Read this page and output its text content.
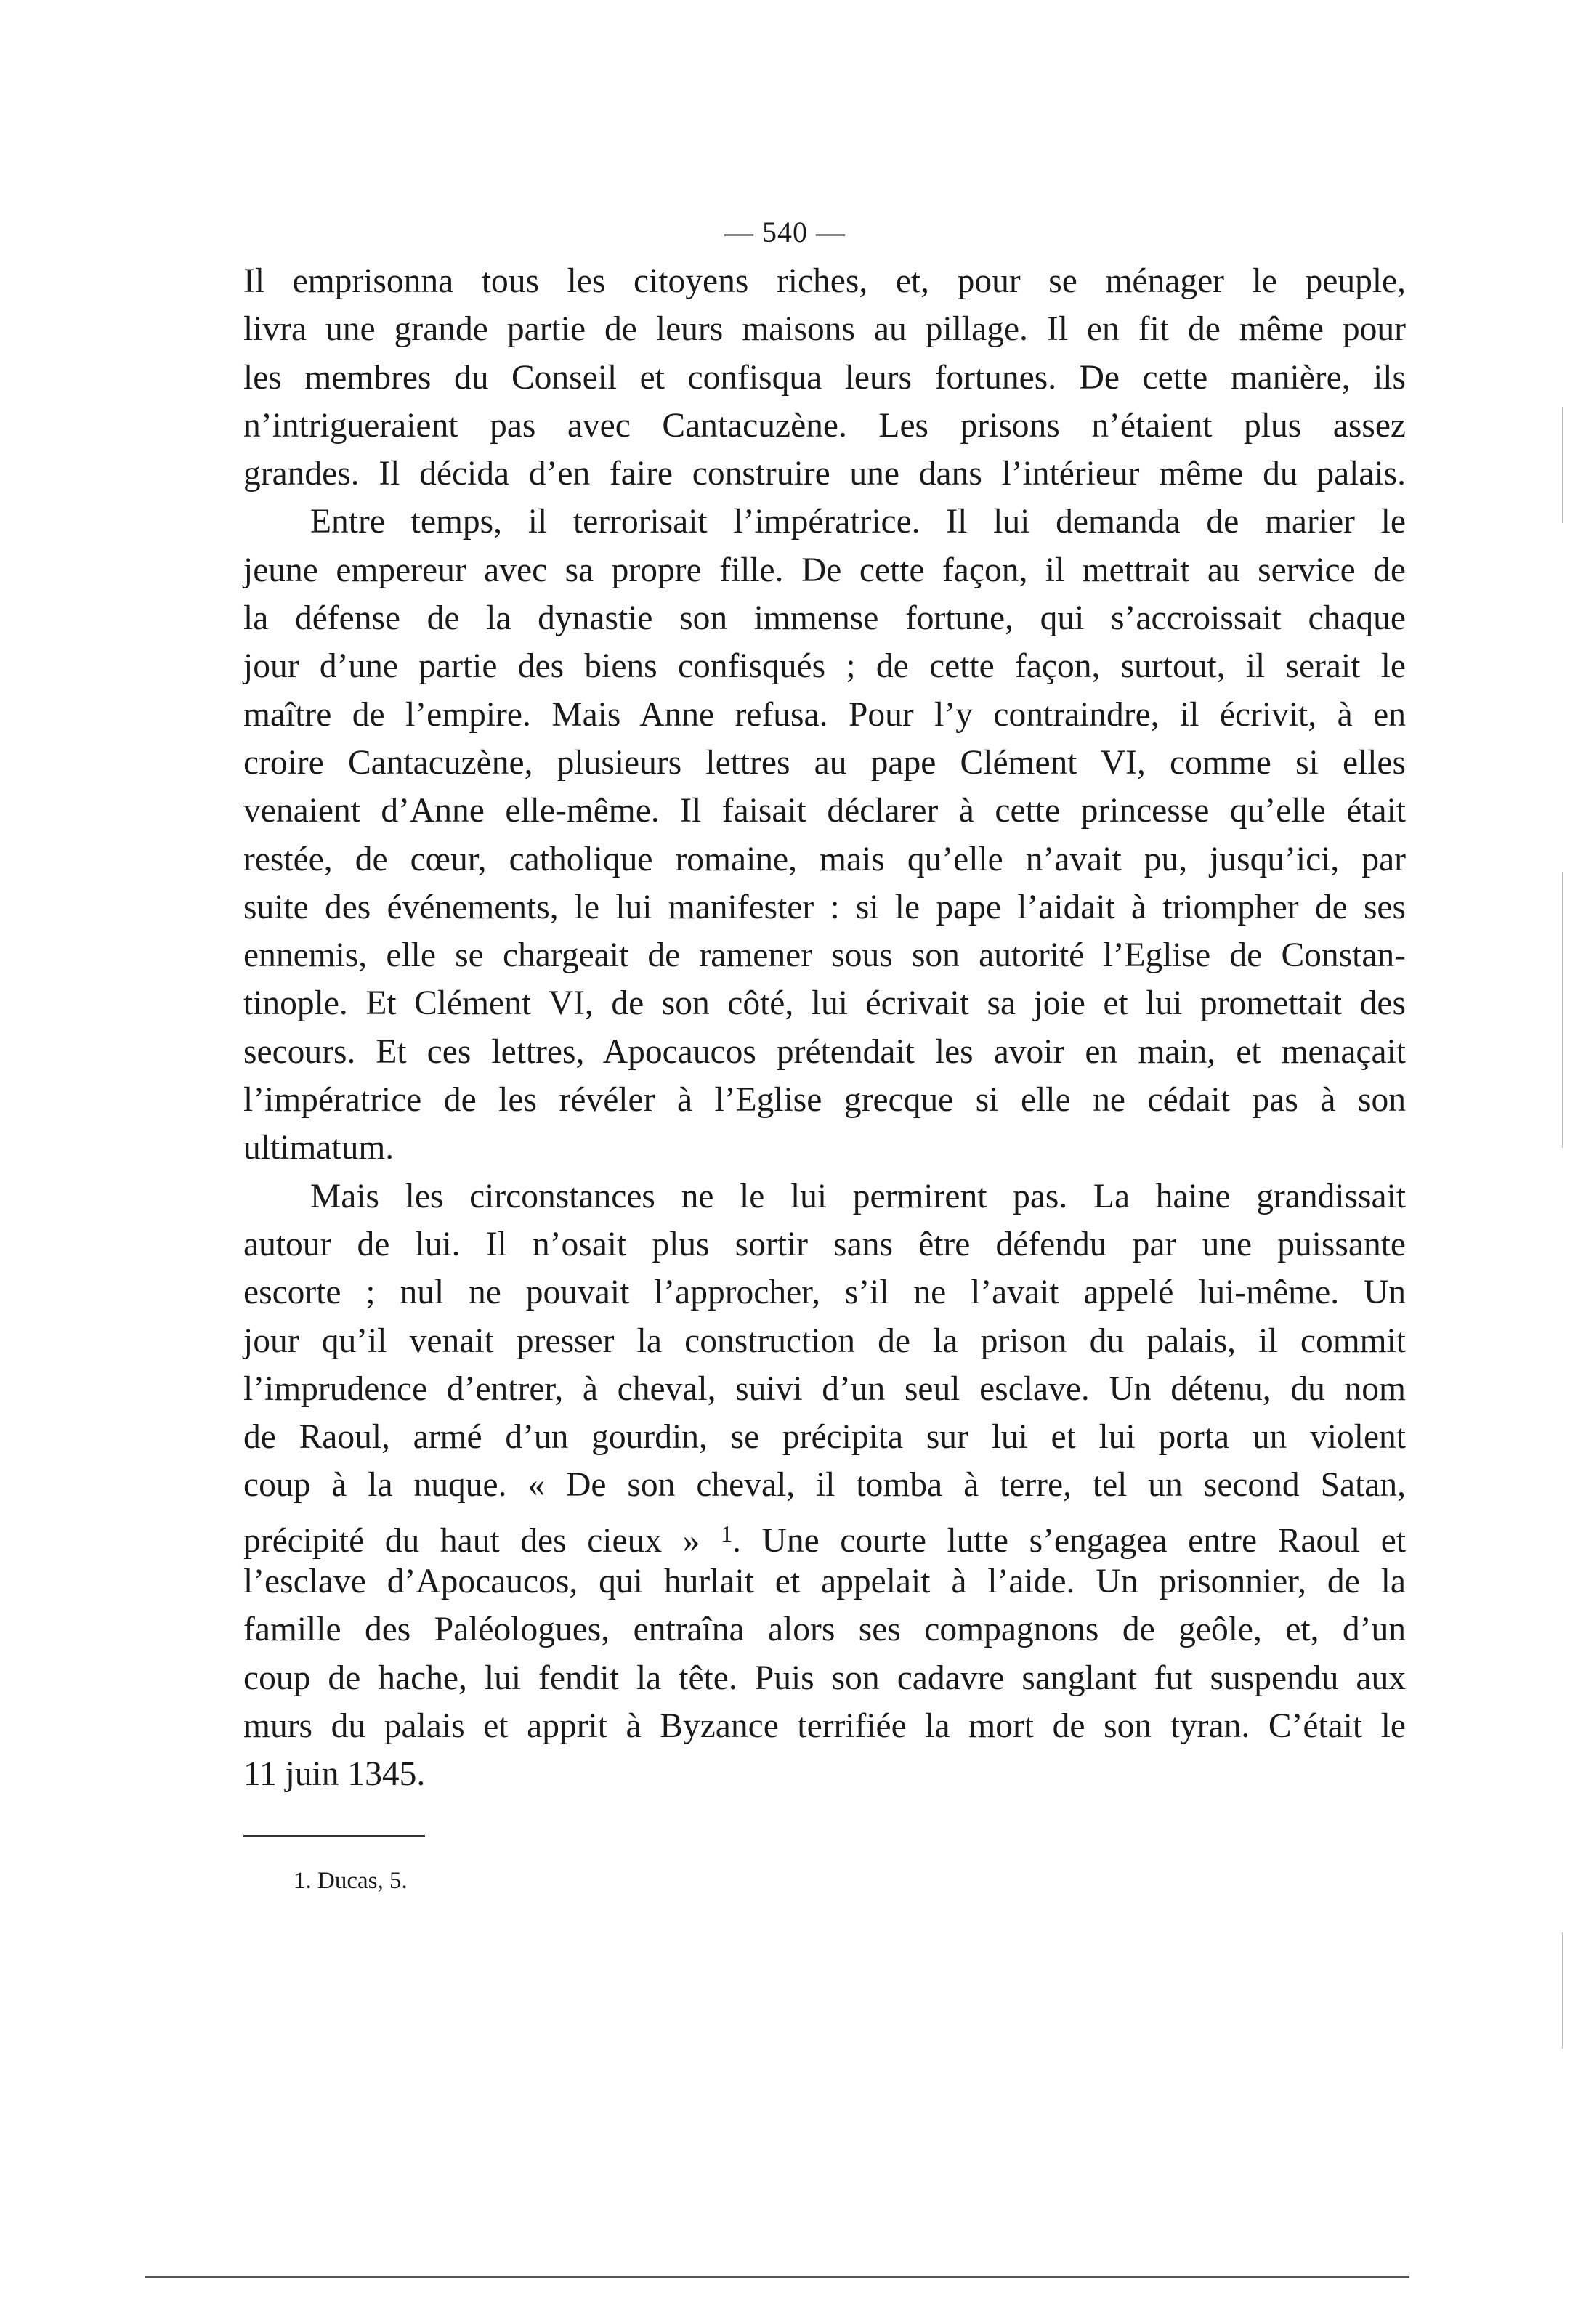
— 540 —
Il emprisonna tous les citoyens riches, et, pour se ménager le peuple,
livra une grande partie de leurs maisons au pillage. Il en fit de même pour
les membres du Conseil et confisqua leurs fortunes. De cette manière, ils
n’intrigueraient pas avec Cantacuzène. Les prisons n’étaient plus assez
grandes. Il décida d’en faire construire une dans l’intérieur même du palais.
Entre temps, il terrorisait l’impératrice. Il lui demanda de marier le
jeune empereur avec sa propre fille. De cette façon, il mettrait au service de
la défense de la dynastie son immense fortune, qui s’accroissait chaque
jour d’une partie des biens confisqués ; de cette façon, surtout, il serait le
maître de l’empire. Mais Anne refusa. Pour l’y contraindre, il écrivit, à en
croire Cantacuzène, plusieurs lettres au pape Clément VI, comme si elles
venaient d’Anne elle-même. Il faisait déclarer à cette princesse qu’elle était
restée, de cœur, catholique romaine, mais qu’elle n’avait pu, jusqu’ici, par
suite des événements, le lui manifester : si le pape l’aidait à triompher de ses
ennemis, elle se chargeait de ramener sous son autorité l’Eglise de Constan-
tinople. Et Clément VI, de son côté, lui écrivait sa joie et lui promettait des
secours. Et ces lettres, Apocaucos prétendait les avoir en main, et menaçait
l’impératrice de les révéler à l’Eglise grecque si elle ne cédait pas à son
ultimatum.
Mais les circonstances ne le lui permirent pas. La haine grandissait
autour de lui. Il n’osait plus sortir sans être défendu par une puissante
escorte ; nul ne pouvait l’approcher, s’il ne l’avait appelé lui-même. Un
jour qu’il venait presser la construction de la prison du palais, il commit
l’imprudence d’entrer, à cheval, suivi d’un seul esclave. Un détenu, du nom
de Raoul, armé d’un gourdin, se précipita sur lui et lui porta un violent
coup à la nuque. « De son cheval, il tomba à terre, tel un second Satan,
précipité du haut des cieux » $^1$. Une courte lutte s’engagea entre Raoul et
l’esclave d’Apocaucos, qui hurlait et appelait à l’aide. Un prisonnier, de la
famille des Paléologues, entraîna alors ses compagnons de geôle, et, d’un
coup de hache, lui fendit la tête. Puis son cadavre sanglant fut suspendu aux
murs du palais et apprit à Byzance terrifiée la mort de son tyran. C’était le
11 juin 1345.
1. Ducas, 5.
